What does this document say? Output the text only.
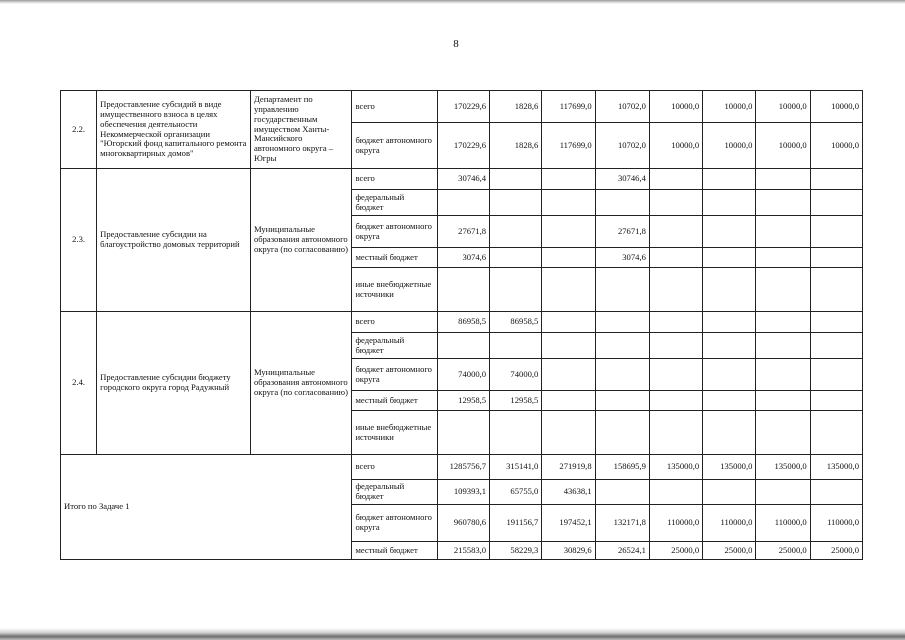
8
2.2.	Предоставление субсидий в виде имущественного взноса в целях обеспечения деятельности Некоммерческой организации "Югорский фонд капитального ремонта многоквартирных домов"	Департамент по управлению государственным имуществом Ханты-Мансийского автономного округа – Югры	всего	170229,6	1828,6	117699,0	10702,0	10000,0	10000,0	10000,0	10000,0
			бюджет автономного округа	170229,6	1828,6	117699,0	10702,0	10000,0	10000,0	10000,0	10000,0
2.3.	Предоставление субсидии на благоустройство домовых территорий	Муниципальные образования автономного округа (по согласованию)	всего	30746,4			30746,4				
			федеральный бюджет								
			бюджет автономного округа	27671,8			27671,8				
			местный бюджет	3074,6			3074,6				
			иные внебюджетные источники								
2.4.	Предоставление субсидии бюджету городского округа город Радужный	Муниципальные образования автономного округа (по согласованию)	всего	86958,5	86958,5						
			федеральный бюджет								
			бюджет автономного округа	74000,0	74000,0						
			местный бюджет	12958,5	12958,5						
			иные внебюджетные источники								
Итого по Задаче 1			всего	1285756,7	315141,0	271919,8	158695,9	135000,0	135000,0	135000,0	135000,0
			федеральный бюджет	109393,1	65755,0	43638,1					
			бюджет автономного округа	960780,6	191156,7	197452,1	132171,8	110000,0	110000,0	110000,0	110000,0
			местный бюджет	215583,0	58229,3	30829,6	26524,1	25000,0	25000,0	25000,0	25000,0
